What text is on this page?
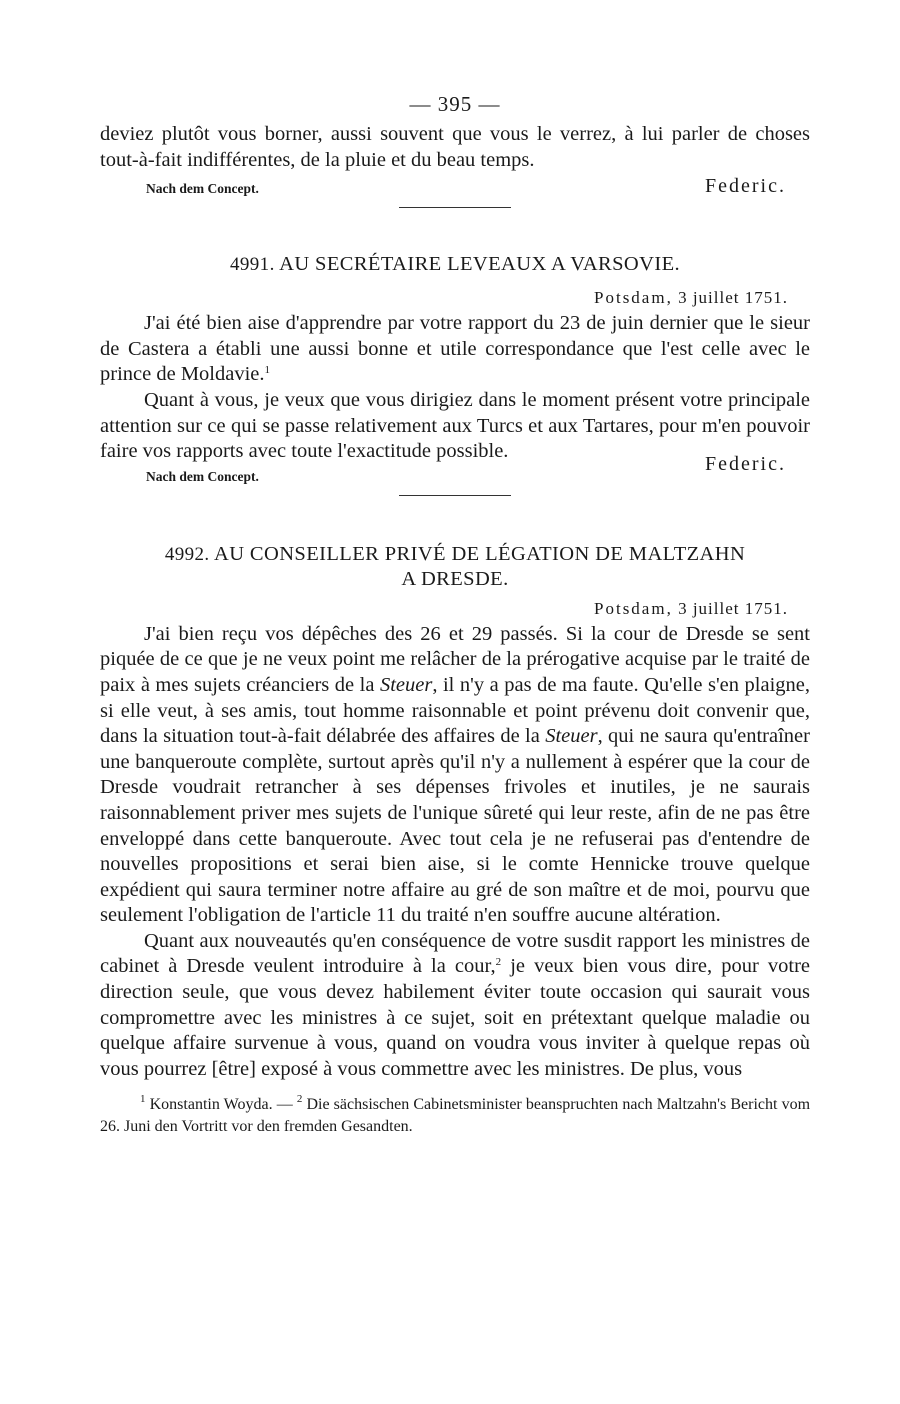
— 395 —

deviez plutôt vous borner, aussi souvent que vous le verrez, à lui parler de choses tout-à-fait indifférentes, de la pluie et du beau temps.

Nach dem Concept.	Federic.
4991. AU SECRÉTAIRE LEVEAUX A VARSOVIE.
Potsdam, 3 juillet 1751.

J'ai été bien aise d'apprendre par votre rapport du 23 de juin dernier que le sieur de Castera a établi une aussi bonne et utile correspondance que l'est celle avec le prince de Moldavie.$^1$

Quant à vous, je veux que vous dirigiez dans le moment présent votre principale attention sur ce qui se passe relativement aux Turcs et aux Tartares, pour m'en pouvoir faire vos rapports avec toute l'exactitude possible.

Nach dem Concept.
Federic.
4992. AU CONSEILLER PRIVÉ DE LÉGATION DE MALTZAHN
A DRESDE.
Potsdam, 3 juillet 1751.

J'ai bien reçu vos dépêches des 26 et 29 passés. Si la cour de Dresde se sent piquée de ce que je ne veux point me relâcher de la prérogative acquise par le traité de paix à mes sujets créanciers de la Steuer, il n'y a pas de ma faute. Qu'elle s'en plaigne, si elle veut, à ses amis, tout homme raisonnable et point prévenu doit convenir que, dans la situation tout-à-fait délabrée des affaires de la Steuer, qui ne saura qu'entraîner une banqueroute complète, surtout après qu'il n'y a nullement à espérer que la cour de Dresde voudrait retrancher à ses dépenses frivoles et inutiles, je ne saurais raisonnablement priver mes sujets de l'unique sûreté qui leur reste, afin de ne pas être enveloppé dans cette banqueroute. Avec tout cela je ne refuserai pas d'entendre de nouvelles propositions et serai bien aise, si le comte Hennicke trouve quelque expédient qui saura terminer notre affaire au gré de son maître et de moi, pourvu que seulement l'obligation de l'article 11 du traité n'en souffre aucune altération.

Quant aux nouveautés qu'en conséquence de votre susdit rapport les ministres de cabinet à Dresde veulent introduire à la cour,$^2$ je veux bien vous dire, pour votre direction seule, que vous devez habilement éviter toute occasion qui saurait vous compromettre avec les ministres à ce sujet, soit en prétextant quelque maladie ou quelque affaire survenue à vous, quand on voudra vous inviter à quelque repas où vous pourrez [être] exposé à vous commettre avec les ministres. De plus, vous

$^1$ Konstantin Woyda. — $^2$ Die sächsischen Cabinetsminister beanspruchten nach Maltzahn's Bericht vom 26. Juni den Vortritt vor den fremden Gesandten.
